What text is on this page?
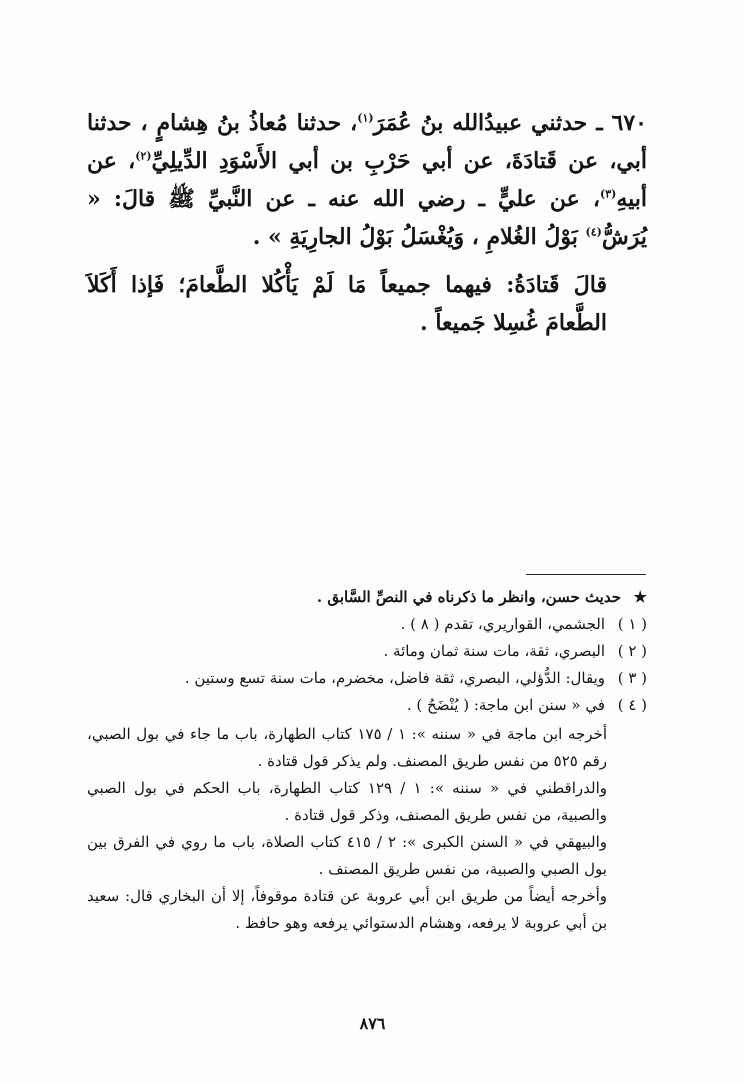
٦٧٠ ـ حدثني عبيدُالله بنُ عُمَرَ$^{(١)}$، حدثنا مُعاذُ بنُ هِشامٍ ، حدثنا أبي، عن قَتادَةَ، عن أبي حَرْبِ بن أبي الأَسْوَدِ الدِّيلِيِّ$^{(٢)}$، عن أبيهِ$^{(٣)}$، عن عليٍّ ـ رضي الله عنه ـ عن النَّبيِّ ﷺ قالَ: « يُرَشُّ$^{(٤)}$ بَوْلُ الغُلامِ ، وَيُغْسَلُ بَوْلُ الجارِيَةِ » .

قالَ قَتادَةُ: فيهما جميعاً مَا لَمْ يَأْكُلا الطَّعامَ؛ فَإذا أَكَلاَ الطَّعامَ غُسِلا جَميعاً .

★حديث حسن، وانظر ما ذكرناه في النصِّ السَّابق .

( ١ )الجشمي، القواريري، تقدم ( ٨ ) .

( ٢ )البصري، ثقة، مات سنة ثمان ومائة .

( ٣ )ويقال: الدُّؤلي، البصري، ثقة فاضل، مخضرم، مات سنة تسع وستين .

( ٤ )في « سنن ابن ماجة: ( يُنْضَحُ ) .

أخرجه ابن ماجة في « سننه »: ١ / ١٧٥ كتاب الطهارة، باب ما جاء في بول الصبي، رقم ٥٢٥ من نفس طريق المصنف. ولم يذكر قول قتادة .

والدراقطني في « سننه »: ١ / ١٢٩ كتاب الطهارة، باب الحكم في بول الصبي والصبية، من نفس طريق المصنف، وذكر قول قتادة .

والبيهقي في « السنن الكبرى »: ٢ / ٤١٥ كتاب الصلاة، باب ما روي في الفرق بين بول الصبي والصبية، من نفس طريق المصنف .

وأخرجه أيضاً من طريق ابن أبي عروبة عن قتادة موقوفاً، إلا أن البخاري قال: سعيد بن أبي عروبة لا يرفعه، وهشام الدستوائي يرفعه وهو حافظ .

٨٧٦
